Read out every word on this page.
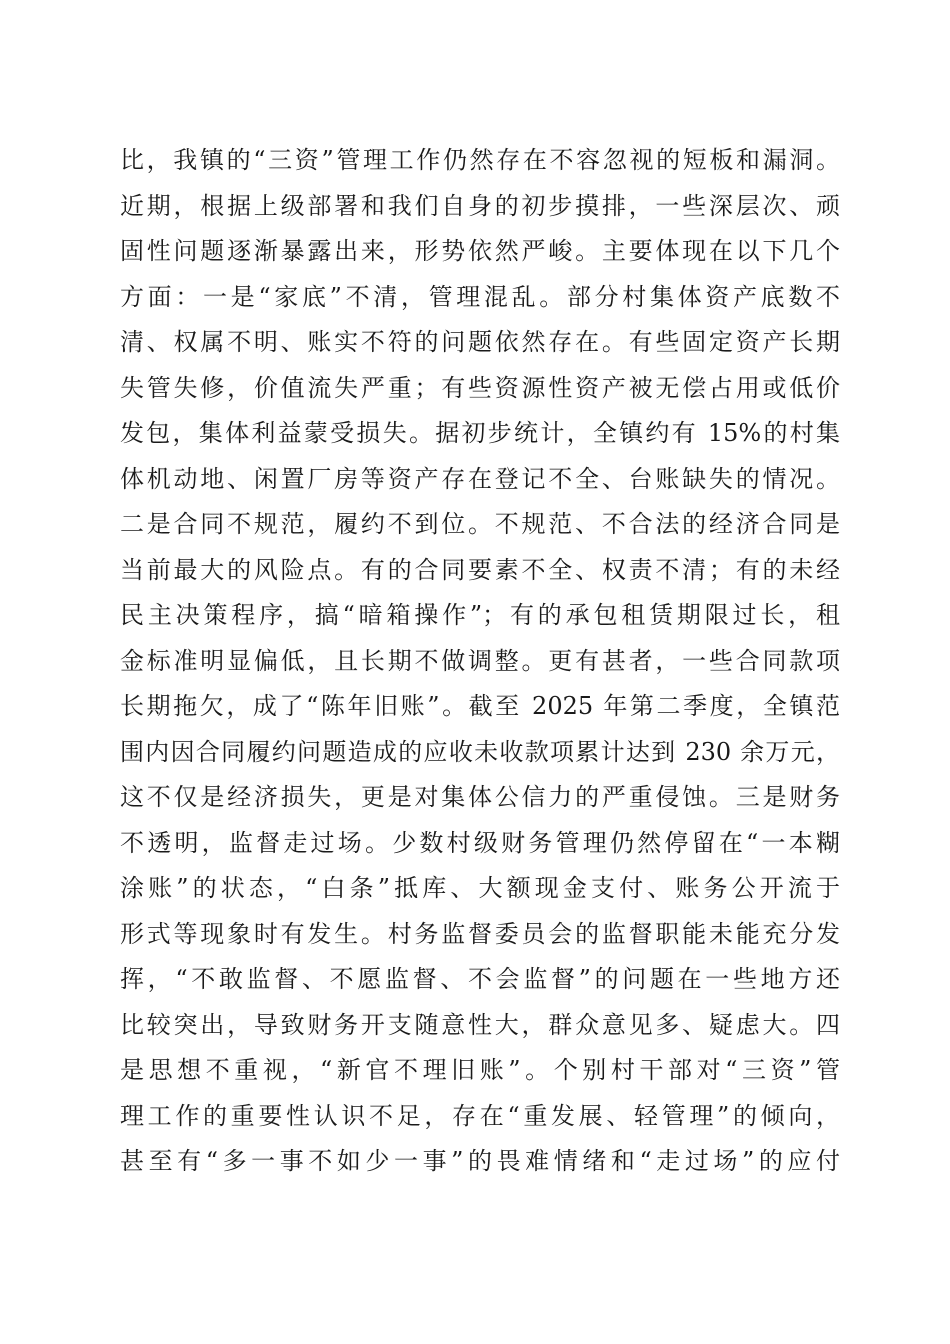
比，我镇的“三资”管理工作仍然存在不容忽视的短板和漏洞。
近期，根据上级部署和我们自身的初步摸排，一些深层次、顽
固性问题逐渐暴露出来，形势依然严峻。主要体现在以下几个
方面：一是“家底”不清，管理混乱。部分村集体资产底数不
清、权属不明、账实不符的问题依然存在。有些固定资产长期
失管失修，价值流失严重；有些资源性资产被无偿占用或低价
发包，集体利益蒙受损失。据初步统计，全镇约有 15%的村集
体机动地、闲置厂房等资产存在登记不全、台账缺失的情况。
二是合同不规范，履约不到位。不规范、不合法的经济合同是
当前最大的风险点。有的合同要素不全、权责不清；有的未经
民主决策程序，搞“暗箱操作”；有的承包租赁期限过长，租
金标准明显偏低，且长期不做调整。更有甚者，一些合同款项
长期拖欠，成了“陈年旧账”。截至 2025 年第二季度，全镇范
围内因合同履约问题造成的应收未收款项累计达到 230 余万元，
这不仅是经济损失，更是对集体公信力的严重侵蚀。三是财务
不透明，监督走过场。少数村级财务管理仍然停留在“一本糊
涂账”的状态，“白条”抵库、大额现金支付、账务公开流于
形式等现象时有发生。村务监督委员会的监督职能未能充分发
挥，“不敢监督、不愿监督、不会监督”的问题在一些地方还
比较突出，导致财务开支随意性大，群众意见多、疑虑大。四
是思想不重视，“新官不理旧账”。个别村干部对“三资”管
理工作的重要性认识不足，存在“重发展、轻管理”的倾向，
甚至有“多一事不如少一事”的畏难情绪和“走过场”的应付
